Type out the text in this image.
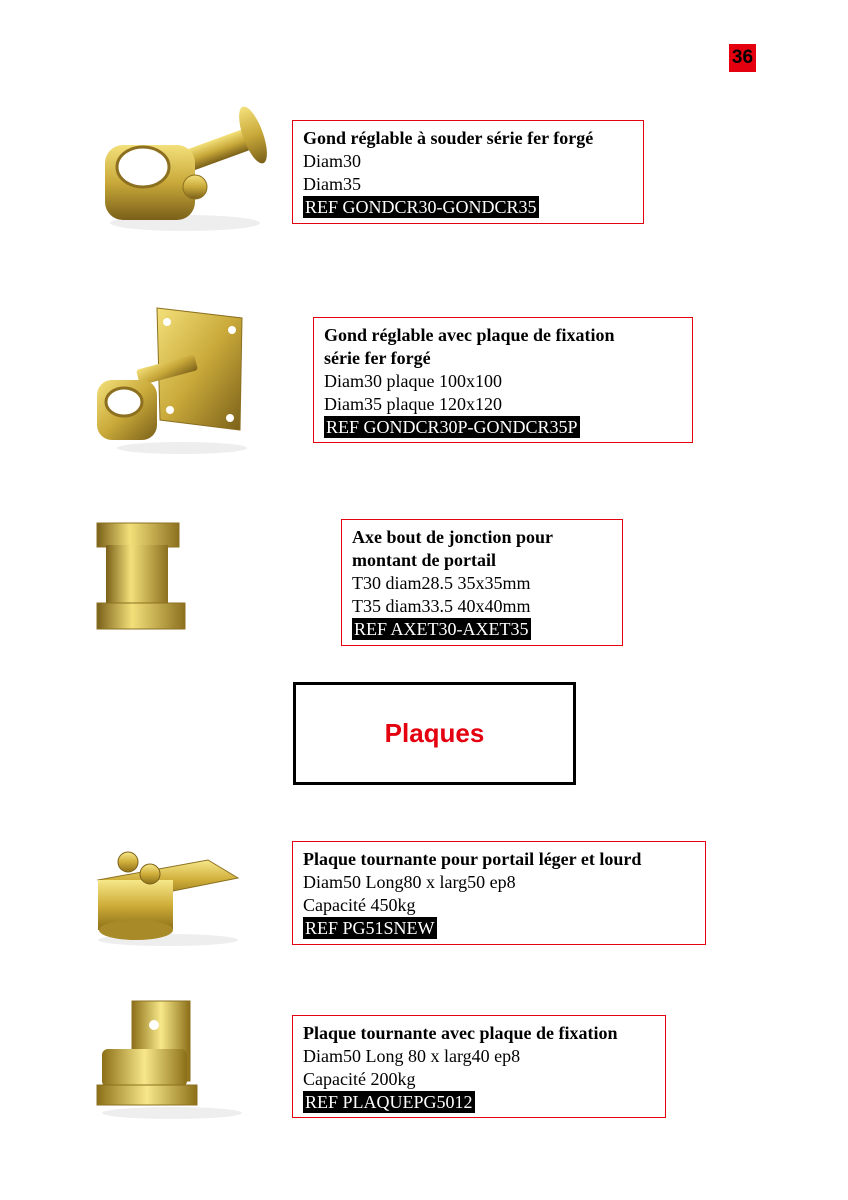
36
Gond réglable à souder série fer forgé
Diam30
Diam35
REF GONDCR30-GONDCR35
Gond réglable avec plaque de fixation
série fer forgé
Diam30 plaque 100x100
Diam35 plaque 120x120
REF GONDCR30P-GONDCR35P
Axe bout de jonction pour
montant de portail
T30 diam28.5 35x35mm
T35 diam33.5 40x40mm
REF AXET30-AXET35
Plaques
Plaque tournante pour portail léger et lourd
Diam50 Long80 x larg50 ep8
Capacité 450kg
REF PG51SNEW
Plaque tournante avec plaque de fixation
Diam50 Long 80 x larg40 ep8
Capacité 200kg
REF PLAQUEPG5012
